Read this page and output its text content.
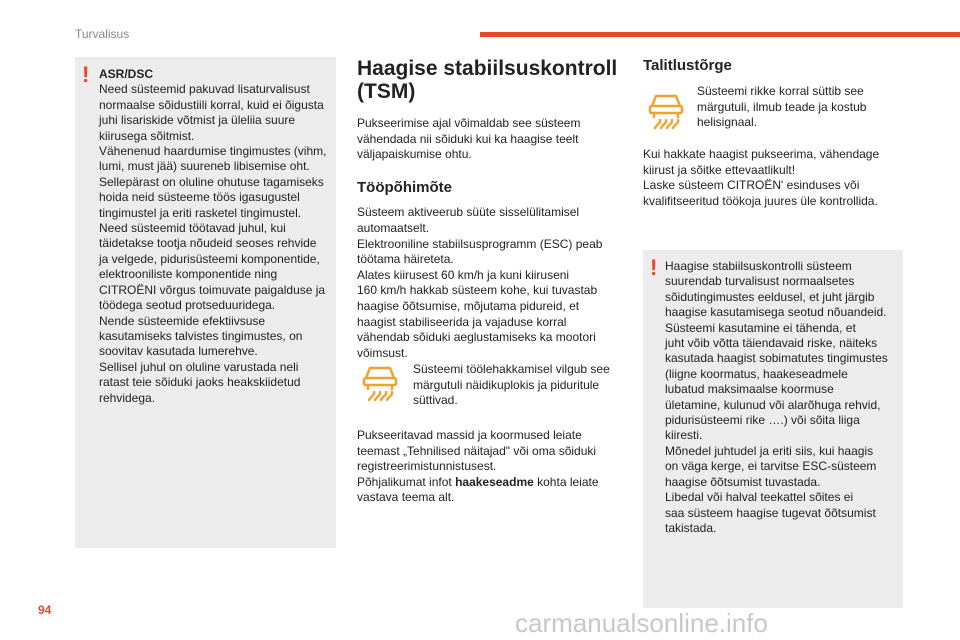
Turvalisus
! ASR/DSC

Need süsteemid pakuvad lisaturvalisust
normaalse sõidustiili korral, kuid ei õigusta
juhi lisariskide võtmist ja üleliia suure
kiirusega sõitmist.
Vähenenud haardumise tingimustes (vihm,
lumi, must jää) suureneb libisemise oht.
Sellepärast on oluline ohutuse tagamiseks
hoida neid süsteeme töös igasugustel
tingimustel ja eriti rasketel tingimustel.
Need süsteemid töötavad juhul, kui
täidetakse tootja nõudeid seoses rehvide
ja velgede, pidurisüsteemi komponentide,
elektrooniliste komponentide ning
CITROËNI võrgus toimuvate paigalduse ja
töödega seotud protseduuridega.
Nende süsteemide efektiivsuse
kasutamiseks talvistes tingimustes, on
soovitav kasutada lumerehve.
Sellisel juhul on oluline varustada neli
ratast teie sõiduki jaoks heakskiidetud
rehvidega.

Haagise stabiilsuskontroll
(TSM)

Pukseerimise ajal võimaldab see süsteem
vähendada nii sõiduki kui ka haagise teelt
väljapaiskumise ohtu.

Tööpõhimõte

Süsteem aktiveerub süüte sisselülitamisel
automaatselt.
Elektrooniline stabiilsusprogramm (ESC) peab
töötama häireteta.
Alates kiirusest 60 km/h ja kuni kiiruseni
160 km/h hakkab süsteem kohe, kui tuvastab
haagise õõtsumise, mõjutama pidureid, et
haagist stabiliseerida ja vajaduse korral
vähendab sõiduki aeglustamiseks ka mootori
võimsust.

Süsteemi töölehakkamisel vilgub see
märgutuli näidikuplokis ja piduritule
süttivad.

Pukseeritavad massid ja koormused leiate
teemast „Tehnilised näitajad" või oma sõiduki
registreerimistunnistusest.

Põhjalikumat infot haakeseadme kohta leiate
vastava teema alt.

Talitlustõrge

Süsteemi rikke korral süttib see
märgutuli, ilmub teade ja kostub
helisignaal.

Kui hakkate haagist pukseerima, vähendage
kiirust ja sõitke ettevaatlikult!
Laske süsteem CITROËN' esinduses või
kvalifitseeritud töökoja juures üle kontrollida.

! Haagise stabiilsuskontrolli süsteem
suurendab turvalisust normaalsetes
sõidutingimustes eeldusel, et juht järgib
haagise kasutamisega seotud nõuandeid.
Süsteemi kasutamine ei tähenda, et
juht võib võtta täiendavaid riske, näiteks
kasutada haagist sobimatutes tingimustes
(liigne koormatus, haakeseadmele
lubatud maksimaalse koormuse
ületamine, kulunud või alarõhuga rehvid,
pidurisüsteemi rike ….) või sõita liiga
kiiresti.
Mõnedel juhtudel ja eriti siis, kui haagis
on väga kerge, ei tarvitse ESC-süsteem
haagise õõtsumist tuvastada.
Libedal või halval teekattel sõites ei
saa süsteem haagise tugevat õõtsumist
takistada.

94	carmanualsonline.info
